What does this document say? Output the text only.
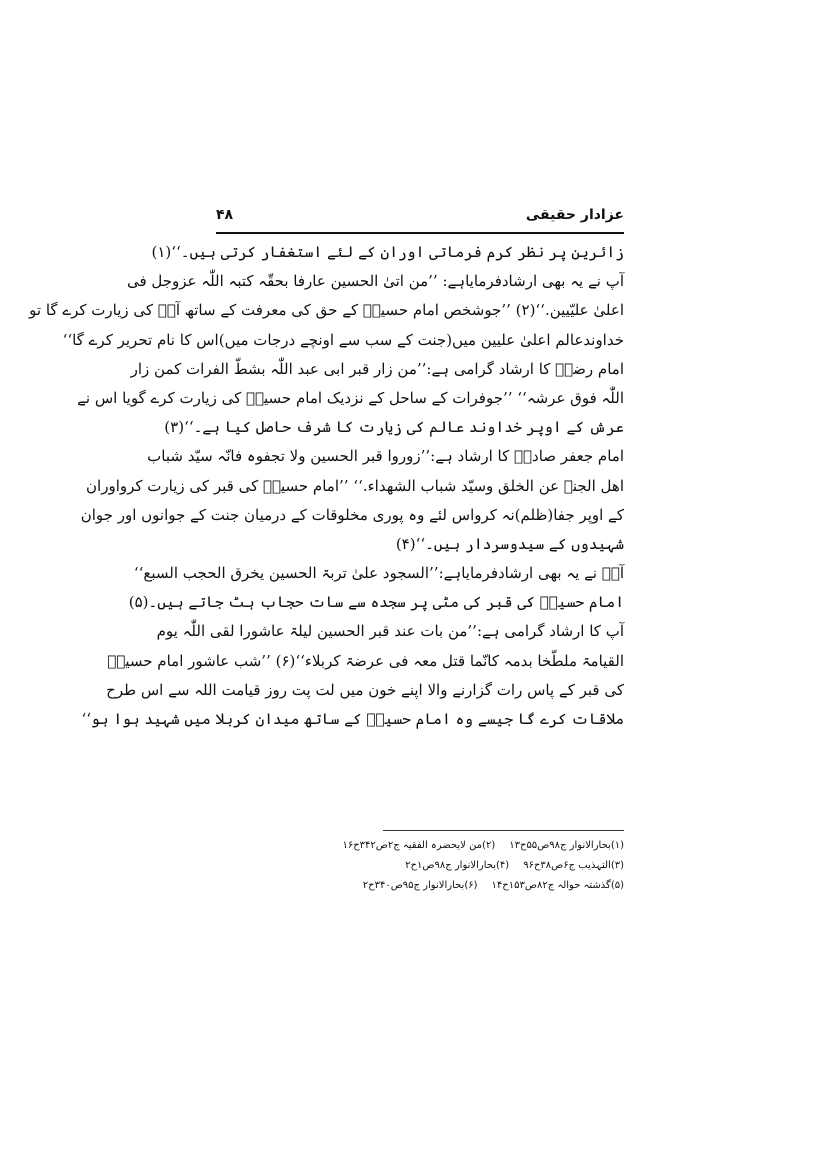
۴۸	عزادار حقیقی
زائرین پر نظر کرم فرماتی اوران کے لئے استغفار کرتی ہیں۔‘‘(۱)
آپ نے یہ بھی ارشادفرمایاہے: ’’من اتیٰ الحسین عارفا بحقّہ کتبہ اللّٰہ عزوجل فی
اعلیٰ علیّیین.‘‘(۲) ’’جوشخص امام حسینؑ کے حق کی معرفت کے ساتھ آپؑ کی زیارت کرے گا تو
خداوندعالم اعلیٰ علیین میں(جنت کے سب سے اونچے درجات میں)اس کا نام تحریر کرے گا‘‘
امام رضاؑ کا ارشاد گرامی ہے:’’من زار قبر ابی عبد اللّٰہ بشطّ الفرات کمن زار
اللّٰہ فوق عرشہ‘‘ ’’جوفرات کے ساحل کے نزدیک امام حسینؑ کی زیارت کرے گویا اس نے
عرش کے اوپر خداوند عالم کی زیارت کا شرف حاصل کیا ہے۔‘‘(۳)
امام جعفر صادقؑ کا ارشاد ہے:’’زوروا قبر الحسین ولا تجفوہ فانّہ سیّد شباب
اھل الجنۃ عن الخلق وسیّد شباب الشھداء.‘‘ ’’امام حسینؑ کی قبر کی زیارت کرواوران
کے اوپر جفا(ظلم)نہ کرواس لئے وہ پوری مخلوقات کے درمیان جنت کے جوانوں اور جوان
شہیدوں کے سیدوسردار ہیں۔‘‘(۴)
آپؑ نے یہ بھی ارشادفرمایاہے:’’السجود علیٰ تربۃ الحسین یخرق الحجب السبع‘‘
امام حسینؑ کی قبر کی مٹی پر سجدہ سے سات حجاب ہٹ جاتے ہیں۔(۵)
آپ کا ارشاد گرامی ہے:’’من بات عند قبر الحسین لیلۃ عاشورا لقی اللّٰہ یوم
القیامۃ ملطّخا بدمہ کانّما قتل معہ فی عرضۃ کربلاء‘‘(۶) ’’شب عاشور امام حسینؑ
کی قبر کے پاس رات گزارنے والا اپنے خون میں لت پت روز قیامت اللہ سے اس طرح
ملاقات کرے گا جیسے وہ امام حسینؑ کے ساتھ میدان کربلا میں شہید ہوا ہو‘‘
(۱)بحارالانوار ج۹۸ص۵۵ح۱۳
(۲)من لایحضرہ الفقیہ ج۲ص۳۴۲ح۱۶
(۳)التہذیب ج۶ص۳۸ح۹۶
(۴)بحارالانوار ج۹۸ص۱ح۲
(۵)گذشتہ حوالہ ج۸۲ص۱۵۳ح۱۴
(۶)بحارالانوار ج۹۵ص۳۴۰ح۲
